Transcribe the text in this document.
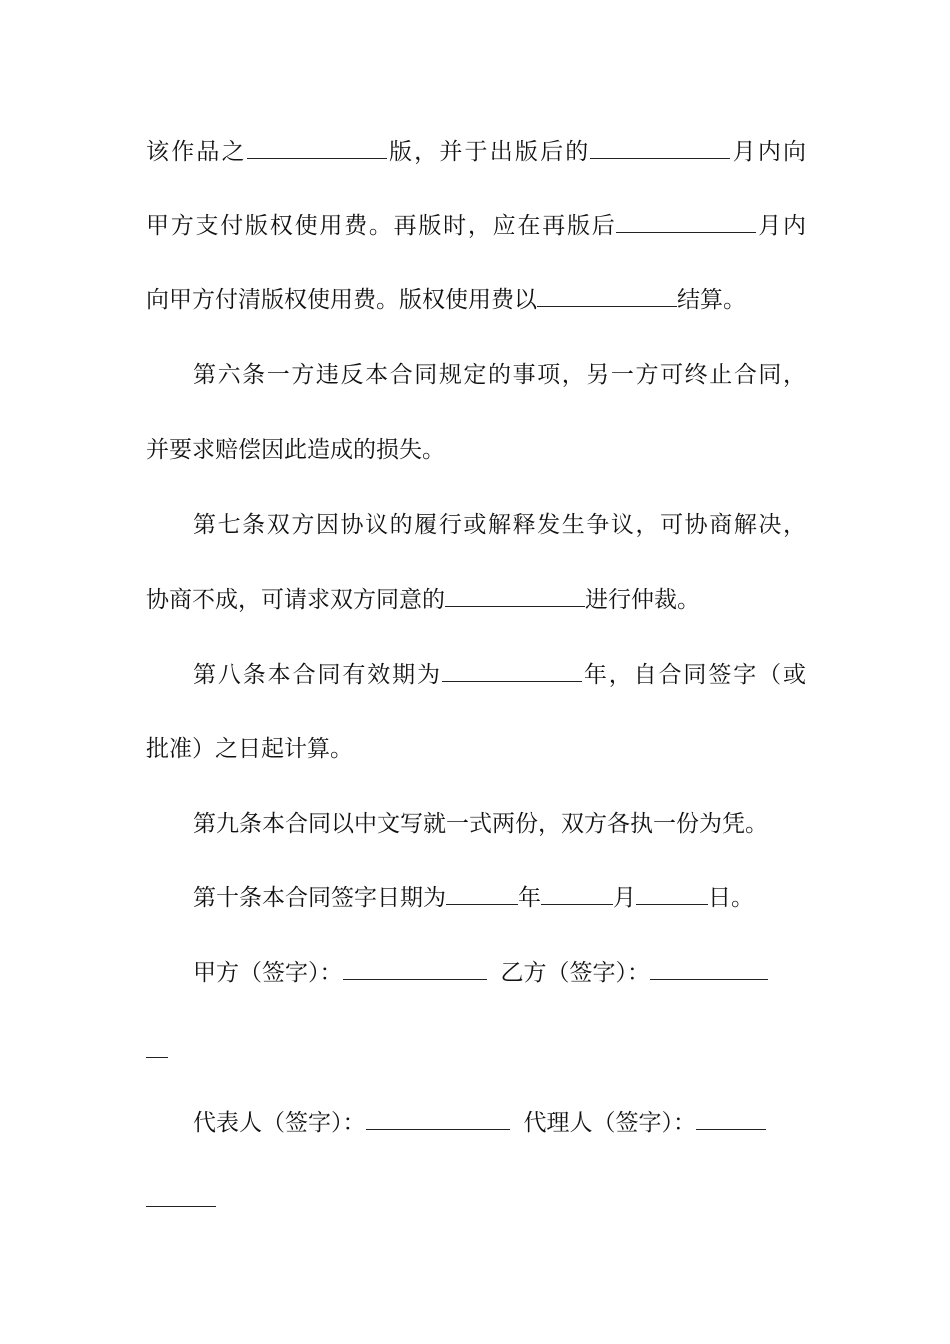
该作品之	版，并于出版后的	月内向
甲方支付版权使用费。再版时，应在再版后	月内
向甲方付清版权使用费。版权使用费以	结算。
第六条一方违反本合同规定的事项，另一方可终止合同，
并要求赔偿因此造成的损失。
第七条双方因协议的履行或解释发生争议，可协商解决，
协商不成，可请求双方同意的	进行仲裁。
第八条本合同有效期为	年，自合同签字（或
批准）之日起计算。
第九条本合同以中文写就一式两份，双方各执一份为凭。
第十条本合同签字日期为	年	月	日。
甲方（签字）：	乙方（签字）：
代表人（签字）：	代理人（签字）：
